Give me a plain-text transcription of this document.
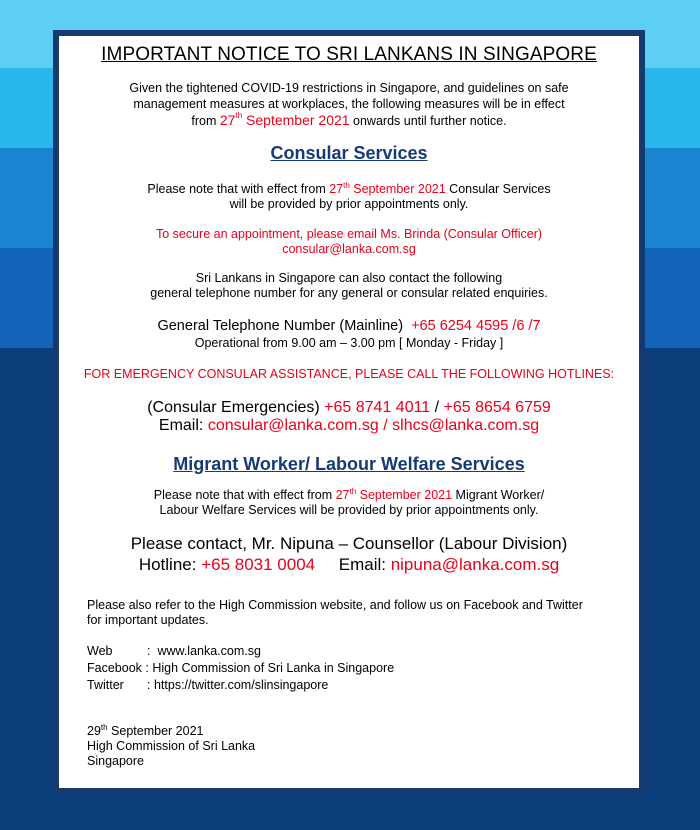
IMPORTANT NOTICE TO SRI LANKANS IN SINGAPORE
Given the tightened COVID-19 restrictions in Singapore, and guidelines on safe
management measures at workplaces, the following measures will be in effect
from 27th September 2021 onwards until further notice.
Consular Services
Please note that with effect from 27th September 2021 Consular Services
will be provided by prior appointments only.
To secure an appointment, please email Ms. Brinda (Consular Officer)
consular@lanka.com.sg
Sri Lankans in Singapore can also contact the following
general telephone number for any general or consular related enquiries.
General Telephone Number (Mainline) +65 6254 4595 /6 /7
Operational from 9.00 am – 3.00 pm [ Monday - Friday ]
FOR EMERGENCY CONSULAR ASSISTANCE, PLEASE CALL THE FOLLOWING HOTLINES:
(Consular Emergencies) +65 8741 4011 / +65 8654 6759
Email: consular@lanka.com.sg / slhcs@lanka.com.sg
Migrant Worker/ Labour Welfare Services
Please note that with effect from 27th September 2021 Migrant Worker/
Labour Welfare Services will be provided by prior appointments only.
Please contact, Mr. Nipuna – Counsellor (Labour Division)
Hotline: +65 8031 0004 Email: nipuna@lanka.com.sg
Please also refer to the High Commission website, and follow us on Facebook and Twitter
for important updates.
Web	: www.lanka.com.sg
Facebook : High Commission of Sri Lanka in Singapore
Twitter : https://twitter.com/slinsingapore
29th September 2021
High Commission of Sri Lanka
Singapore
